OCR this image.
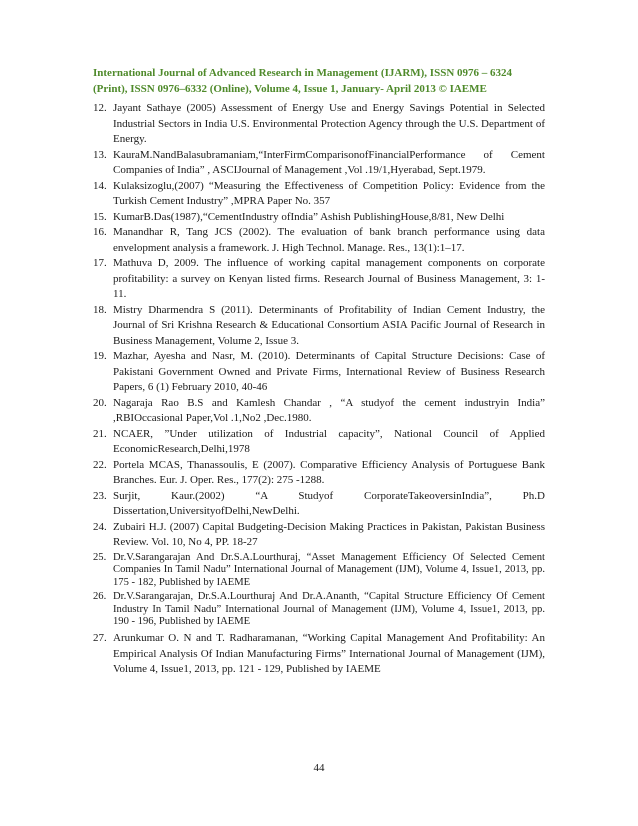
International Journal of Advanced Research in Management (IJARM), ISSN 0976 – 6324
(Print), ISSN 0976–6332 (Online), Volume 4, Issue 1, January- April 2013 © IAEME
12. Jayant Sathaye (2005) Assessment of Energy Use and Energy Savings Potential in Selected Industrial Sectors in India U.S. Environmental Protection Agency through the U.S. Department of Energy.
13. KauraM.NandBalasubramaniam,“InterFirmComparisonofFinancialPerformance of Cement Companies of India” , ASCIJournal of Management ,Vol .19/1,Hyerabad, Sept.1979.
14. Kulaksizoglu,(2007) “Measuring the Effectiveness of Competition Policy: Evidence from the Turkish Cement Industry” ,MPRA Paper No. 357
15. KumarB.Das(1987),“CementIndustry ofIndia” Ashish PublishingHouse,8/81, New Delhi
16. Manandhar R, Tang JCS (2002). The evaluation of bank branch performance using data envelopment analysis a framework. J. High Technol. Manage. Res., 13(1):1–17.
17. Mathuva D, 2009. The influence of working capital management components on corporate profitability: a survey on Kenyan listed firms. Research Journal of Business Management, 3: 1-11.
18. Mistry Dharmendra S (2011). Determinants of Profitability of Indian Cement Industry, the Journal of Sri Krishna Research & Educational Consortium ASIA Pacific Journal of Research in Business Management, Volume 2, Issue 3.
19. Mazhar, Ayesha and Nasr, M. (2010). Determinants of Capital Structure Decisions: Case of Pakistani Government Owned and Private Firms, International Review of Business Research Papers, 6 (1) February 2010, 40-46
20. Nagaraja Rao B.S and Kamlesh Chandar , “A studyof the cement industryin India” ,RBIOccasional Paper,Vol .1,No2 ,Dec.1980.
21. NCAER, ”Under utilization of Industrial capacity”, National Council of Applied EconomicResearch,Delhi,1978
22. Portela MCAS, Thanassoulis, E (2007). Comparative Efficiency Analysis of Portuguese Bank Branches. Eur. J. Oper. Res., 177(2): 275 -1288.
23. Surjit, Kaur.(2002) “A Studyof CorporateTakeoversinIndia”, Ph.D Dissertation,UniversityofDelhi,NewDelhi.
24. Zubairi H.J. (2007) Capital Budgeting-Decision Making Practices in Pakistan, Pakistan Business Review. Vol. 10, No 4, PP. 18-27
25. Dr.V.Sarangarajan And Dr.S.A.Lourthuraj, “Asset Management Efficiency Of Selected Cement Companies In Tamil Nadu” International Journal of Management (IJM), Volume 4, Issue1, 2013, pp. 175 - 182, Published by IAEME
26. Dr.V.Sarangarajan, Dr.S.A.Lourthuraj And Dr.A.Ananth, “Capital Structure Efficiency Of Cement Industry In Tamil Nadu” International Journal of Management (IJM), Volume 4, Issue1, 2013, pp. 190 - 196, Published by IAEME
27. Arunkumar O. N and T. Radharamanan, “Working Capital Management And Profitability: An Empirical Analysis Of Indian Manufacturing Firms” International Journal of Management (IJM), Volume 4, Issue1, 2013, pp. 121 - 129, Published by IAEME
44
